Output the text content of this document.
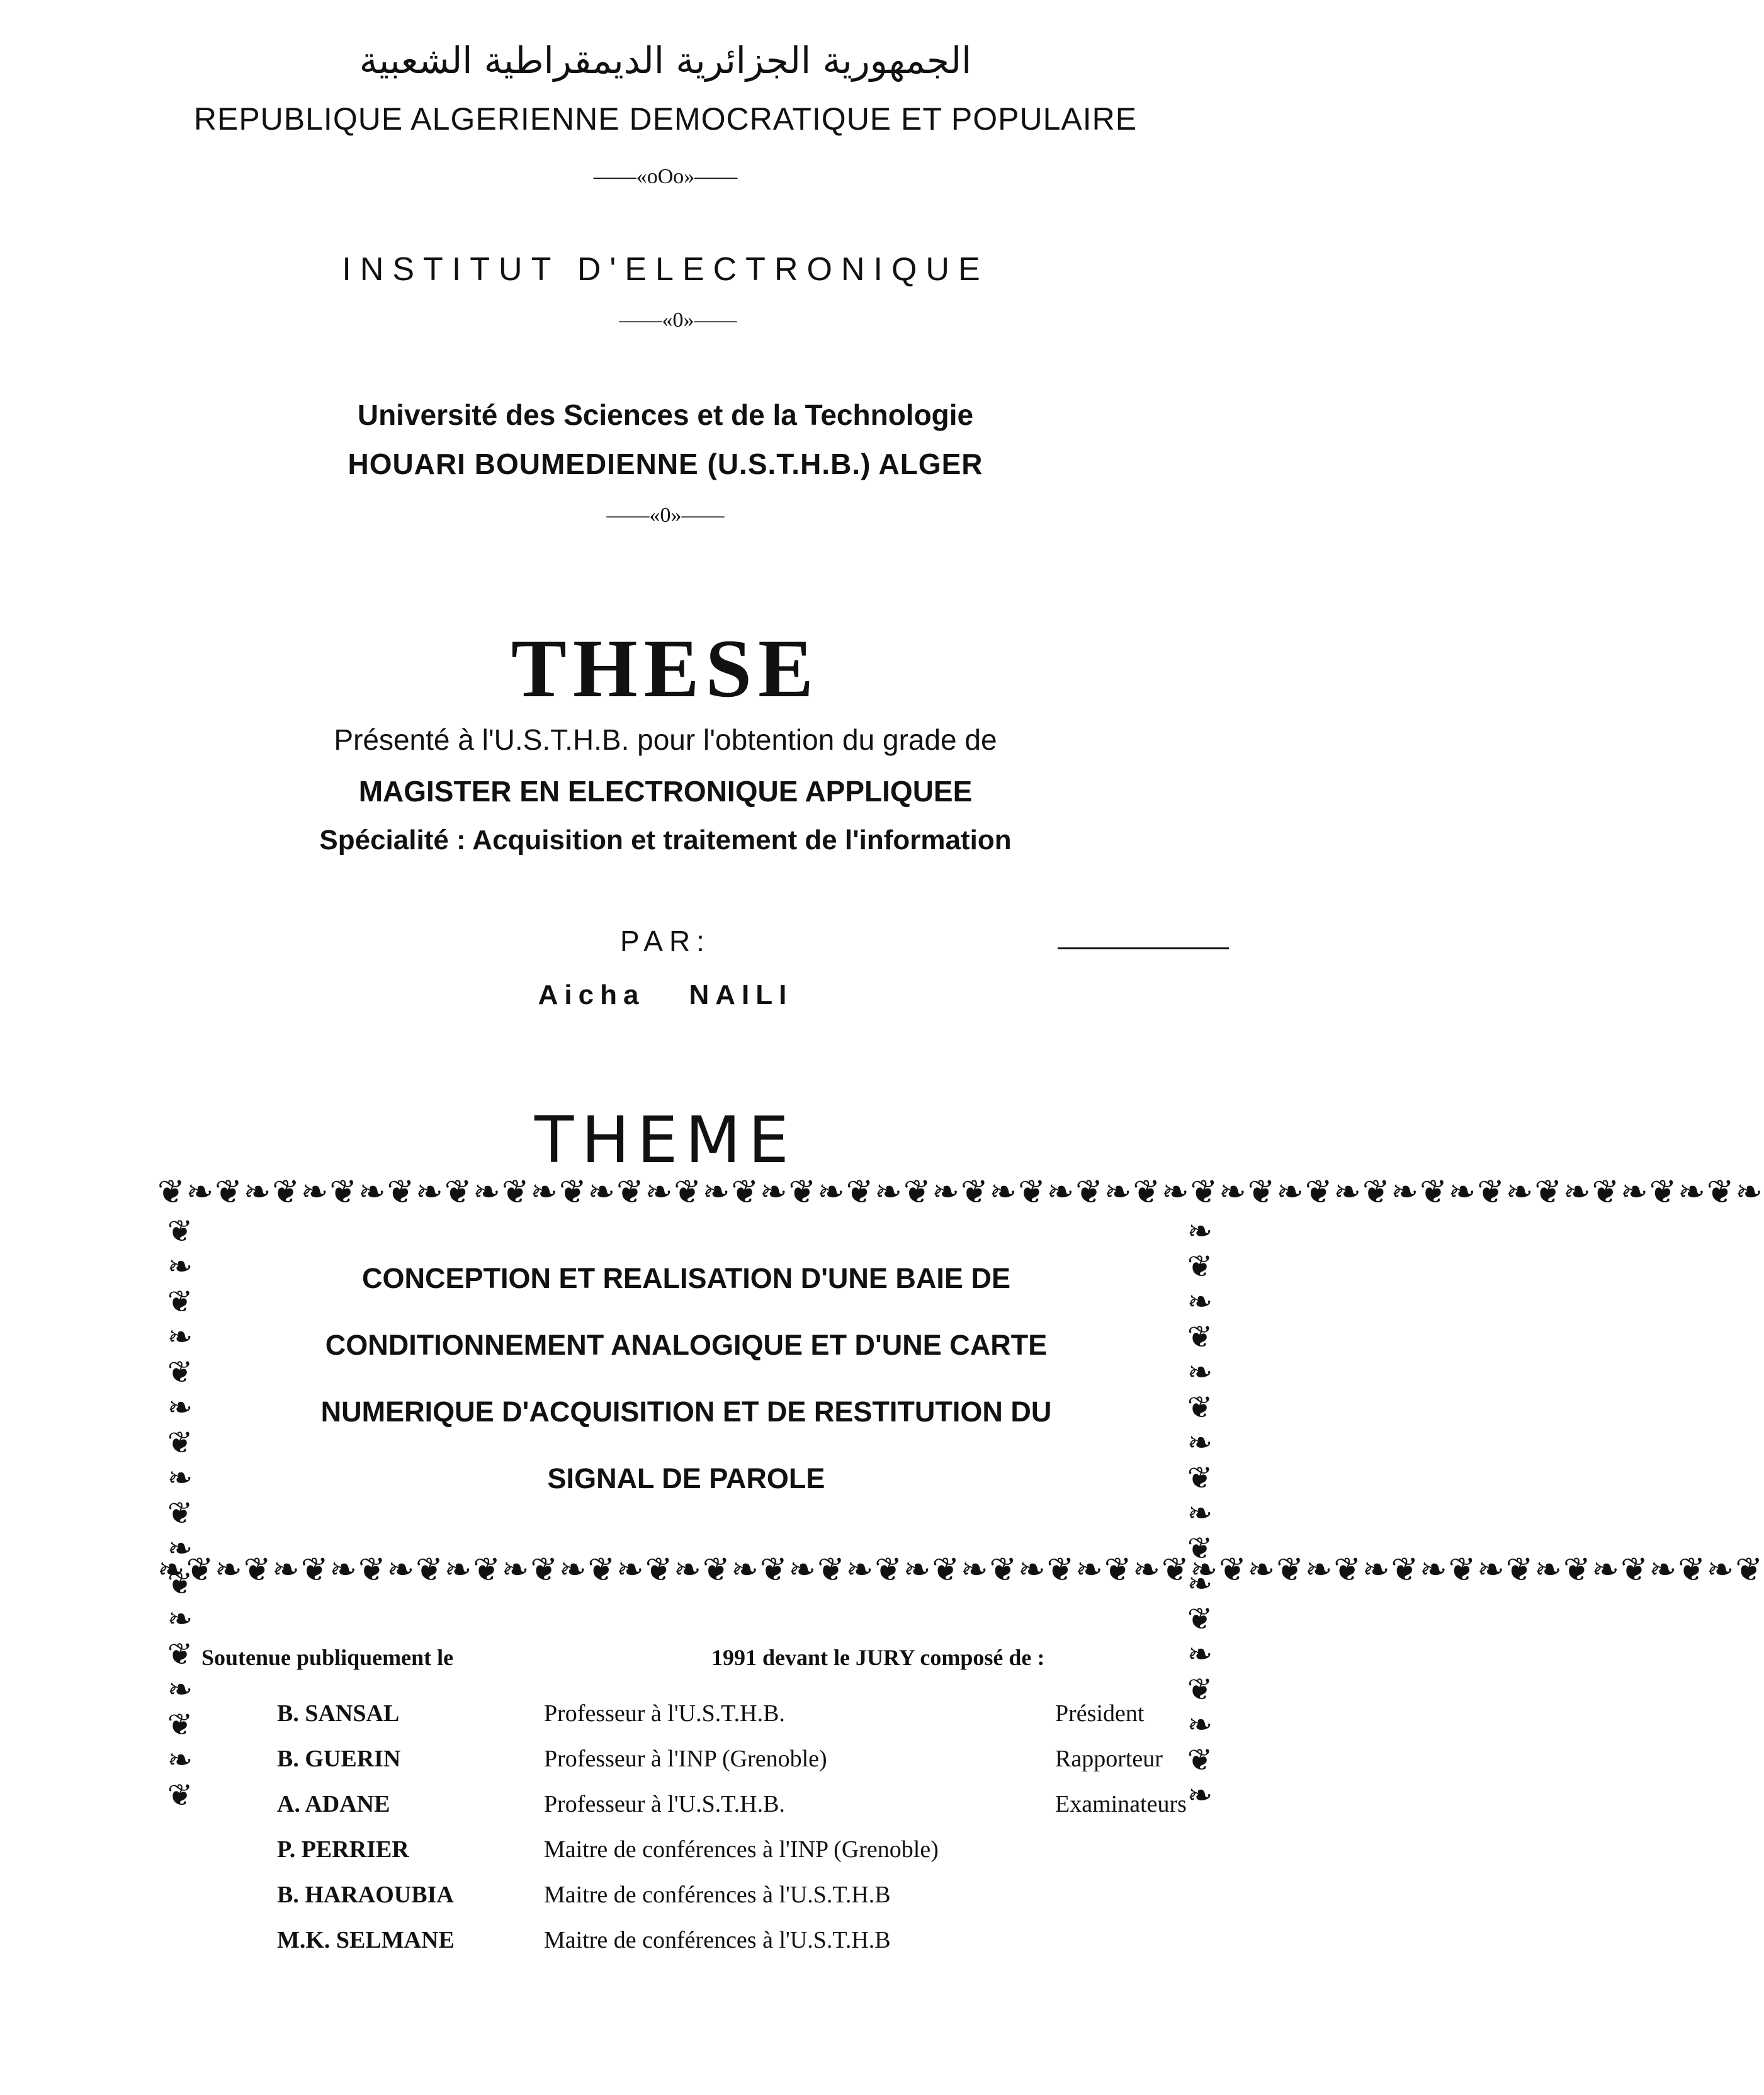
الجمهورية الجزائرية الديمقراطية الشعبية
REPUBLIQUE ALGERIENNE DEMOCRATIQUE ET POPULAIRE
——«oOo»——
INSTITUT D'ELECTRONIQUE
——«0»——
Université des Sciences et de la Technologie
HOUARI BOUMEDIENNE (U.S.T.H.B.) ALGER
——«0»——
THESE
Présenté à l'U.S.T.H.B. pour l'obtention du grade de
MAGISTER EN ELECTRONIQUE APPLIQUEE
Spécialité : Acquisition et traitement de l'information
PAR:
Aicha NAILI
THEME
❦❧❦❧❦❧❦❧❦❧❦❧❦❧❦❧❦❧❦❧❦❧❦❧❦❧❦❧❦❧❦❧❦❧❦❧❦❧❦❧❦❧❦❧❦❧❦❧❦❧❦❧❦❧❦❧
❦❧❦❧❦❧❦❧❦❧❦❧❦❧❦❧❦	❧❦❧❦❧❦❧❦❧❦❧❦❧❦❧❦❧
❧❦❧❦❧❦❧❦❧❦❧❦❧❦❧❦❧❦❧❦❧❦❧❦❧❦❧❦❧❦❧❦❧❦❧❦❧❦❧❦❧❦❧❦❧❦❧❦❧❦❧❦❧❦❧❦
CONCEPTION ET REALISATION D'UNE BAIE DE
CONDITIONNEMENT ANALOGIQUE ET D'UNE CARTE
NUMERIQUE D'ACQUISITION ET DE RESTITUTION DU
SIGNAL DE PAROLE
Soutenue publiquement le	1991 devant le JURY composé de :
B. SANSAL	Professeur à l'U.S.T.H.B.	Président
B. GUERIN	Professeur à l'INP (Grenoble)	Rapporteur
A. ADANE	Professeur à l'U.S.T.H.B.	Examinateurs
P. PERRIER	Maitre de conférences à l'INP (Grenoble)
B. HARAOUBIA	Maitre de conférences à l'U.S.T.H.B
M.K. SELMANE	Maitre de conférences à l'U.S.T.H.B
